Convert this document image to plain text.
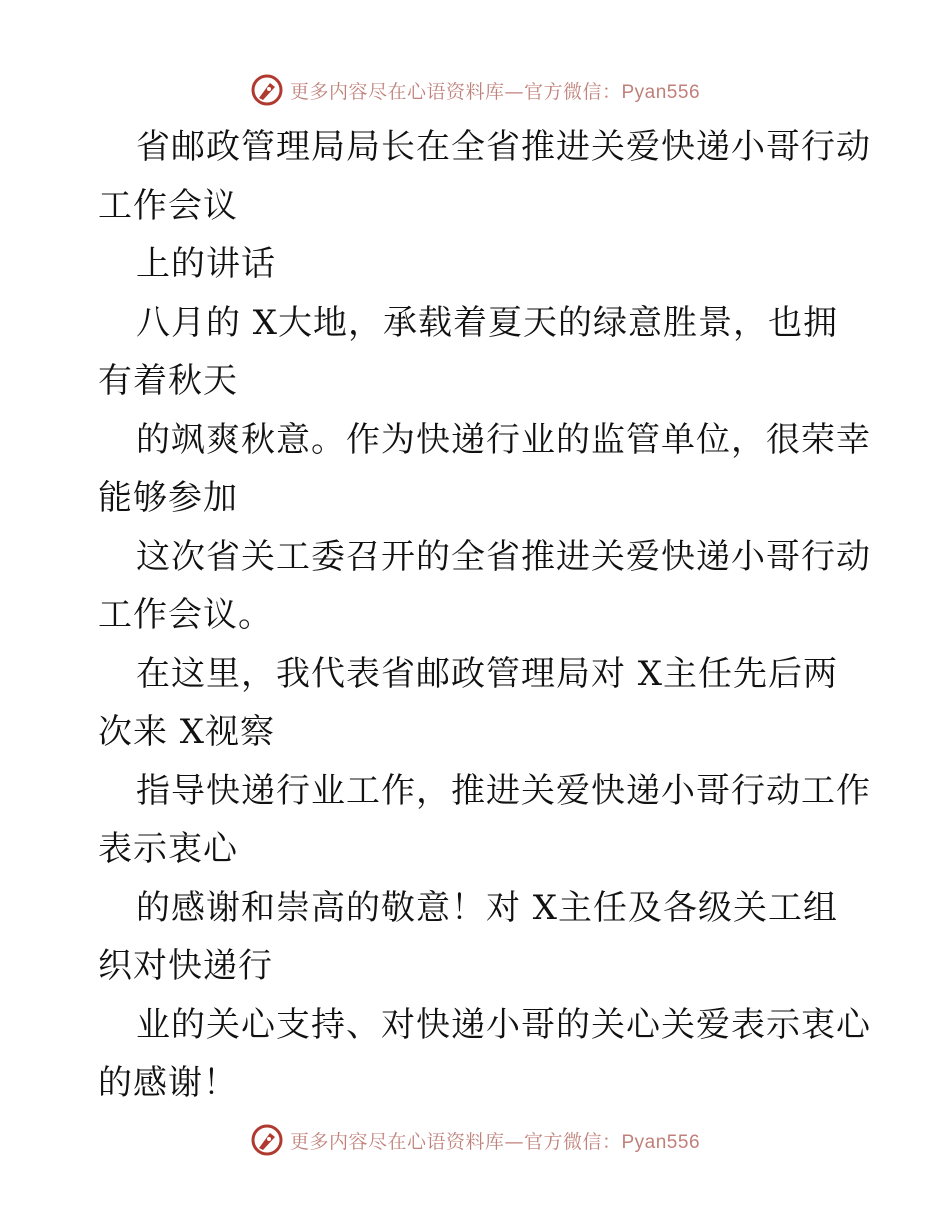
更多内容尽在心语资料库—官方微信：Pyan556
省邮政管理局局长在全省推进关爱快递小哥行动
工作会议
上的讲话
八月的 X大地，承载着夏天的绿意胜景，也拥
有着秋天
的飒爽秋意。作为快递行业的监管单位，很荣幸
能够参加
这次省关工委召开的全省推进关爱快递小哥行动
工作会议。
在这里，我代表省邮政管理局对 X主任先后两
次来 X视察
指导快递行业工作，推进关爱快递小哥行动工作
表示衷心
的感谢和崇高的敬意！对 X主任及各级关工组
织对快递行
业的关心支持、对快递小哥的关心关爱表示衷心
的感谢！
更多内容尽在心语资料库—官方微信：Pyan556
